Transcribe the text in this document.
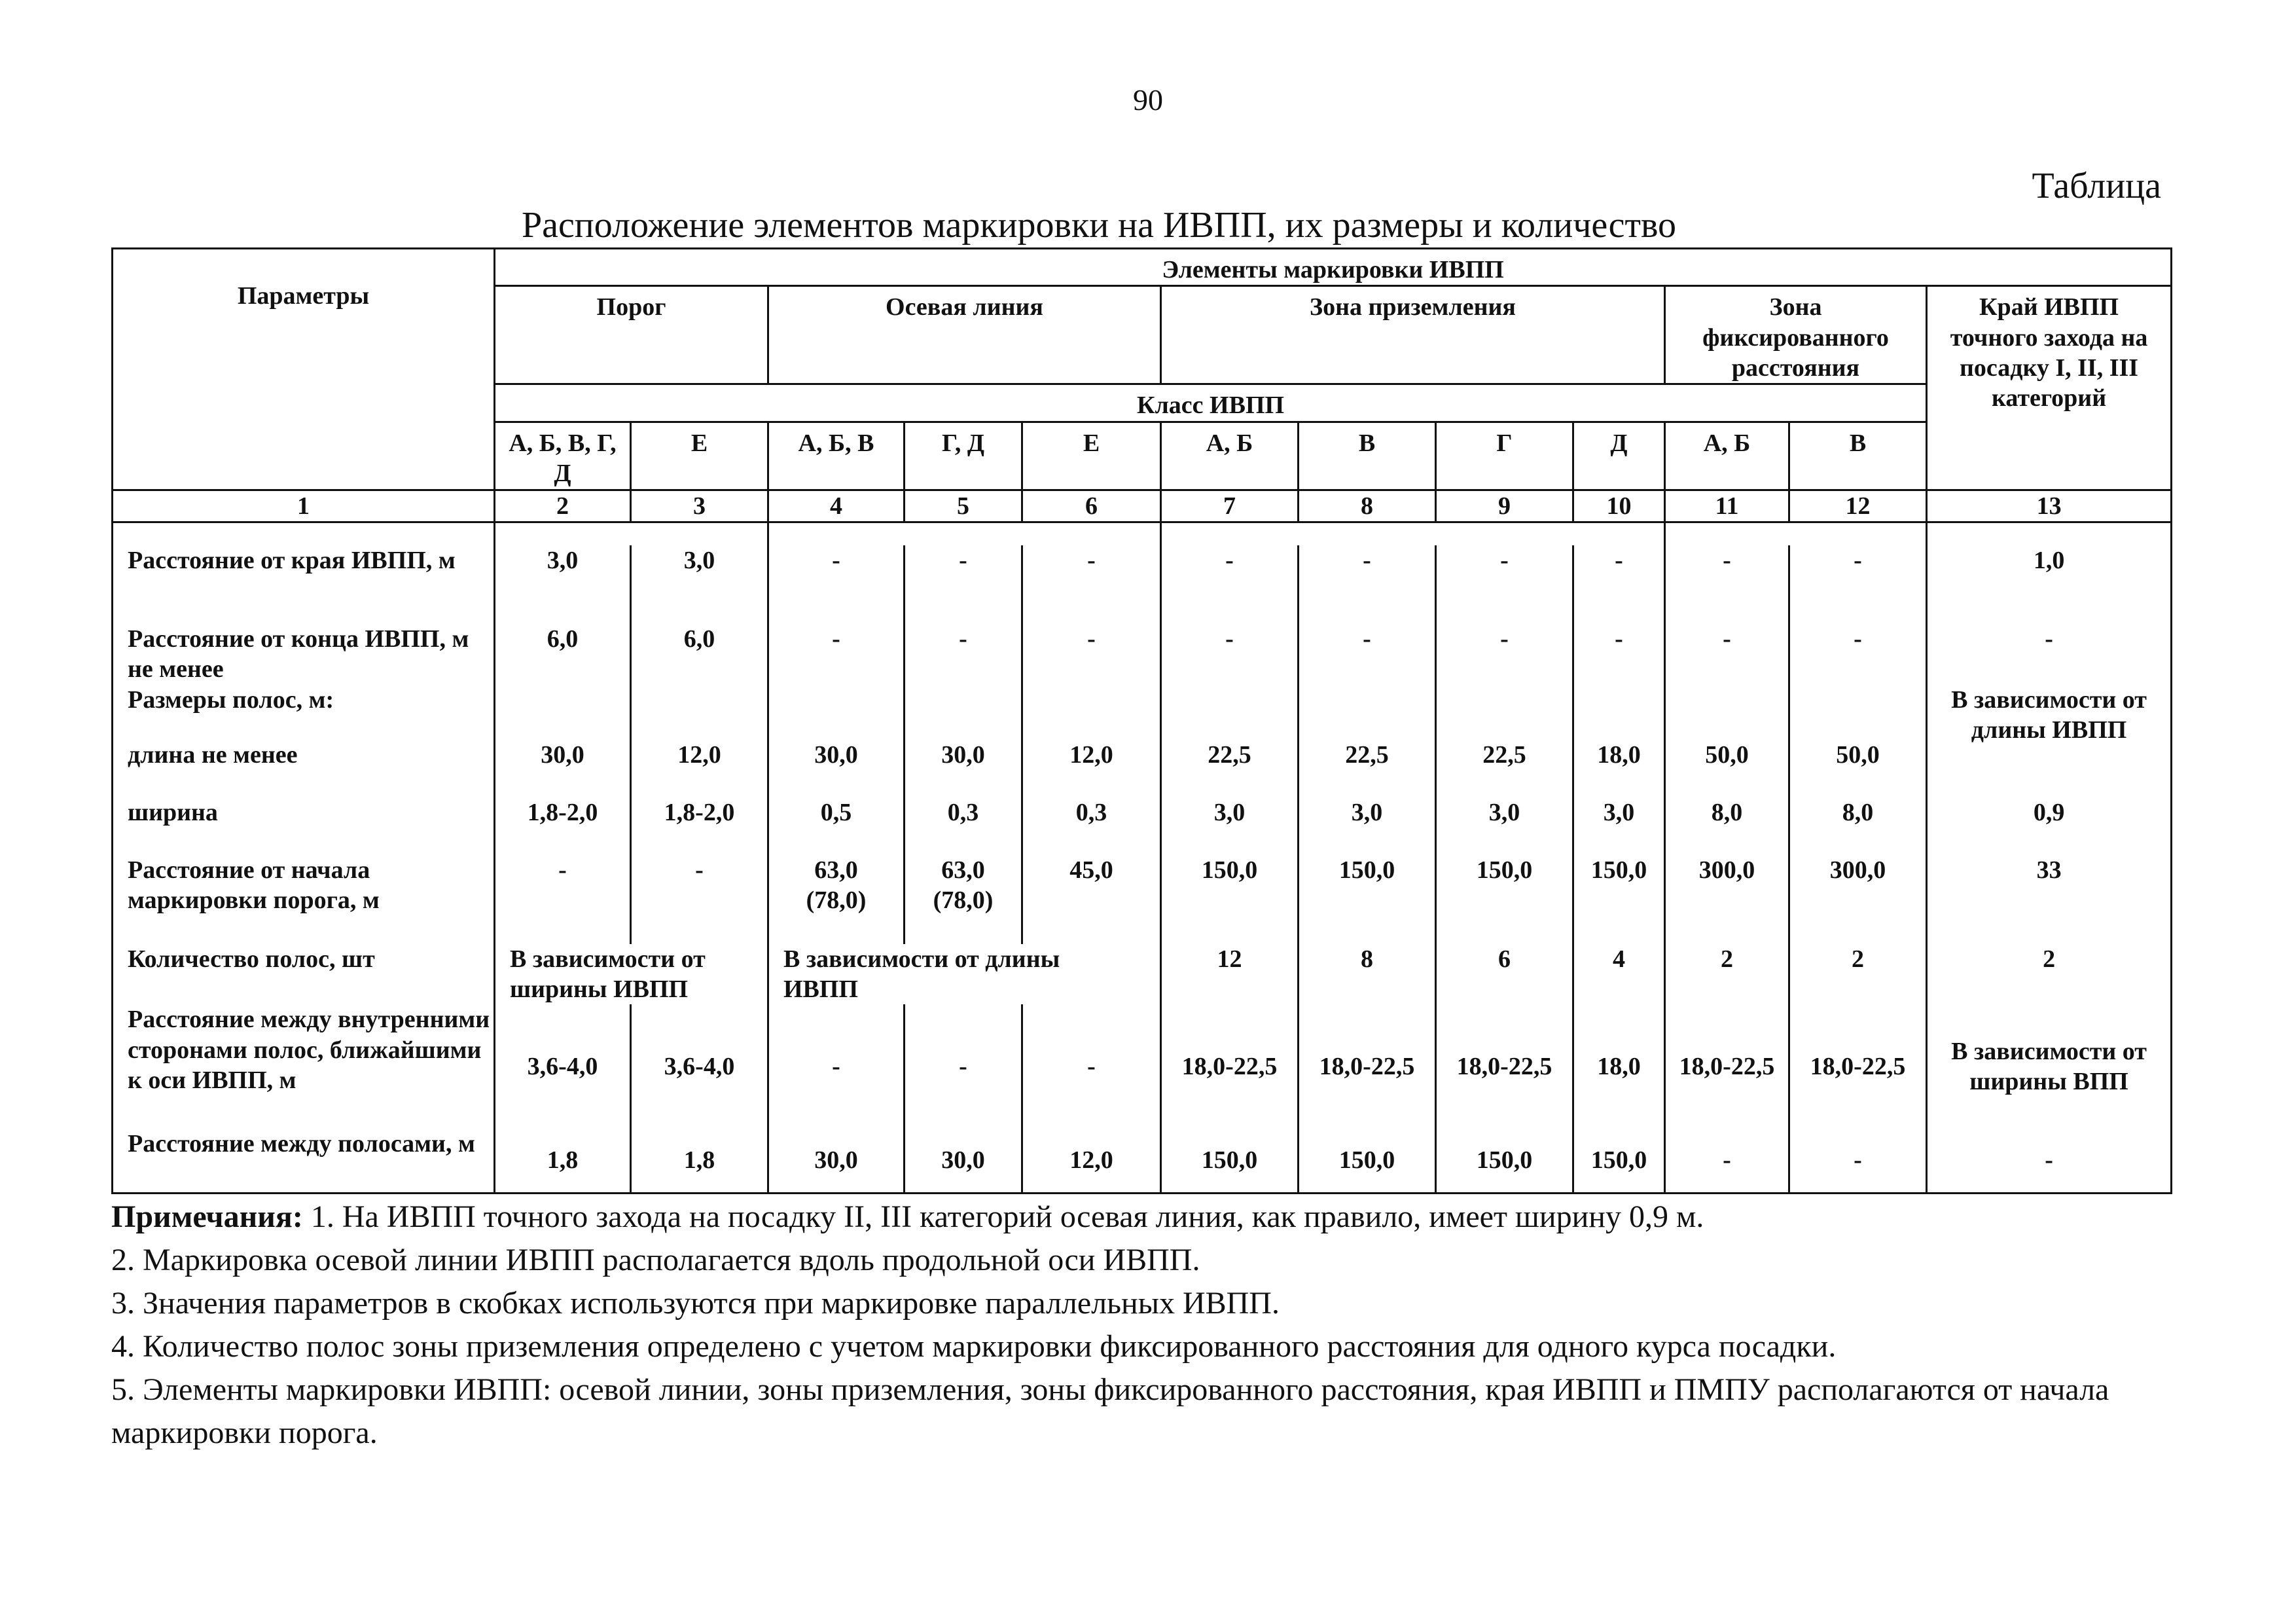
90

Таблица

Расположение элементов маркировки на ИВПП, их размеры и количество

Параметры	Элементы маркировки ИВПП											
	Порог		Осевая линия			Зона приземления				Зона фиксированного расстояния		Край ИВПП точного захода на посадку I, II, III категорий
	Класс ИВПП											
	А, Б, В, Г, Д	Е	А, Б, В	Г, Д	Е	А, Б	В	Г	Д	А, Б	В	
1	2	3	4	5	6	7	8	9	10	11	12	13

Расстояние от края ИВПП, м	3,0	3,0	-	-	-	-	-	-	-	-	-	1,0
Расстояние от конца ИВПП, м не менее	6,0	6,0	-	-	-	-	-	-	-	-	-	-
Размеры полос, м:												В зависимости от длины ИВПП
длина не менее	30,0	12,0	30,0	30,0	12,0	22,5	22,5	22,5	18,0	50,0	50,0	
ширина	1,8-2,0	1,8-2,0	0,5	0,3	0,3	3,0	3,0	3,0	3,0	8,0	8,0	0,9
Расстояние от начала маркировки порога, м	-	-	63,0 (78,0)	63,0 (78,0)	45,0	150,0	150,0	150,0	150,0	300,0	300,0	33
Количество полос, шт	В зависимости от ширины ИВПП		В зависимости от длины ИВПП			12	8	6	4	2	2	2
Расстояние между внутренними сторонами полос, ближайшими к оси ИВПП, м	3,6-4,0	3,6-4,0	-	-	-	18,0-22,5	18,0-22,5	18,0-22,5	18,0	18,0-22,5	18,0-22,5	В зависимости от ширины ВПП
Расстояние между полосами, м	1,8	1,8	30,0	30,0	12,0	150,0	150,0	150,0	150,0	-	-	-

Примечания: 1. На ИВПП точного захода на посадку II, III категорий осевая линия, как правило, имеет ширину 0,9 м.

2. Маркировка осевой линии ИВПП располагается вдоль продольной оси ИВПП.

3. Значения параметров в скобках используются при маркировке параллельных ИВПП.

4. Количество полос зоны приземления определено с учетом маркировки фиксированного расстояния для одного курса посадки.

5. Элементы маркировки ИВПП: осевой линии, зоны приземления, зоны фиксированного расстояния, края ИВПП и ПМПУ располагаются от начала маркировки порога.
